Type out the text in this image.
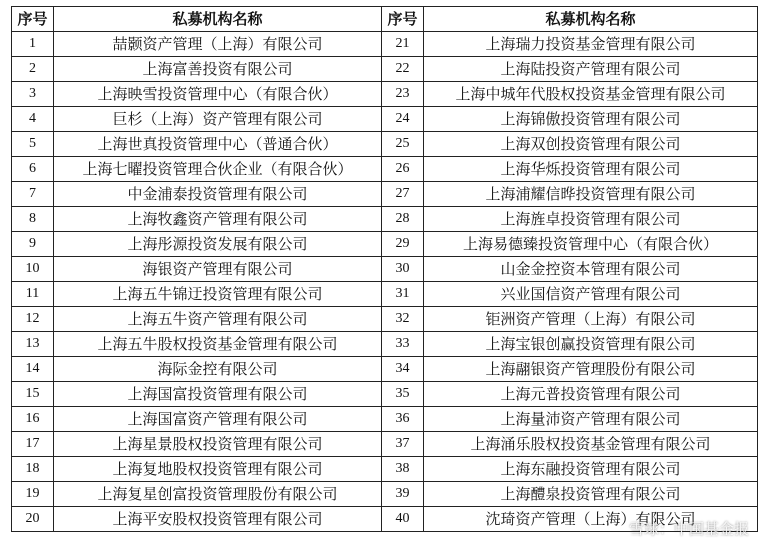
序号	私募机构名称	序号	私募机构名称
1	喆颢资产管理（上海）有限公司	21	上海瑞力投资基金管理有限公司
2	上海富善投资有限公司	22	上海陆投资产管理有限公司
3	上海映雪投资管理中心（有限合伙）	23	上海中城年代股权投资基金管理有限公司
4	巨杉（上海）资产管理有限公司	24	上海锦傲投资管理有限公司
5	上海世真投资管理中心（普通合伙）	25	上海双创投资管理有限公司
6	上海七曜投资管理合伙企业（有限合伙）	26	上海华烁投资管理有限公司
7	中金浦泰投资管理有限公司	27	上海浦耀信晔投资管理有限公司
8	上海牧鑫资产管理有限公司	28	上海旌卓投资管理有限公司
9	上海彤源投资发展有限公司	29	上海易德臻投资管理中心（有限合伙）
10	海银资产管理有限公司	30	山金金控资本管理有限公司
11	上海五牛锦迂投资管理有限公司	31	兴业国信资产管理有限公司
12	上海五牛资产管理有限公司	32	钜洲资产管理（上海）有限公司
13	上海五牛股权投资基金管理有限公司	33	上海宝银创赢投资管理有限公司
14	海际金控有限公司	34	上海翮银资产管理股份有限公司
15	上海国富投资管理有限公司	35	上海元普投资管理有限公司
16	上海国富资产管理有限公司	36	上海量沛资产管理有限公司
17	上海星景股权投资管理有限公司	37	上海涌乐股权投资基金管理有限公司
18	上海复地股权投资管理有限公司	38	上海东融投资管理有限公司
19	上海复星创富投资管理股份有限公司	39	上海醴泉投资管理有限公司
20	上海平安股权投资管理有限公司	40	沈琦资产管理（上海）有限公司
雪球：中国基金报
